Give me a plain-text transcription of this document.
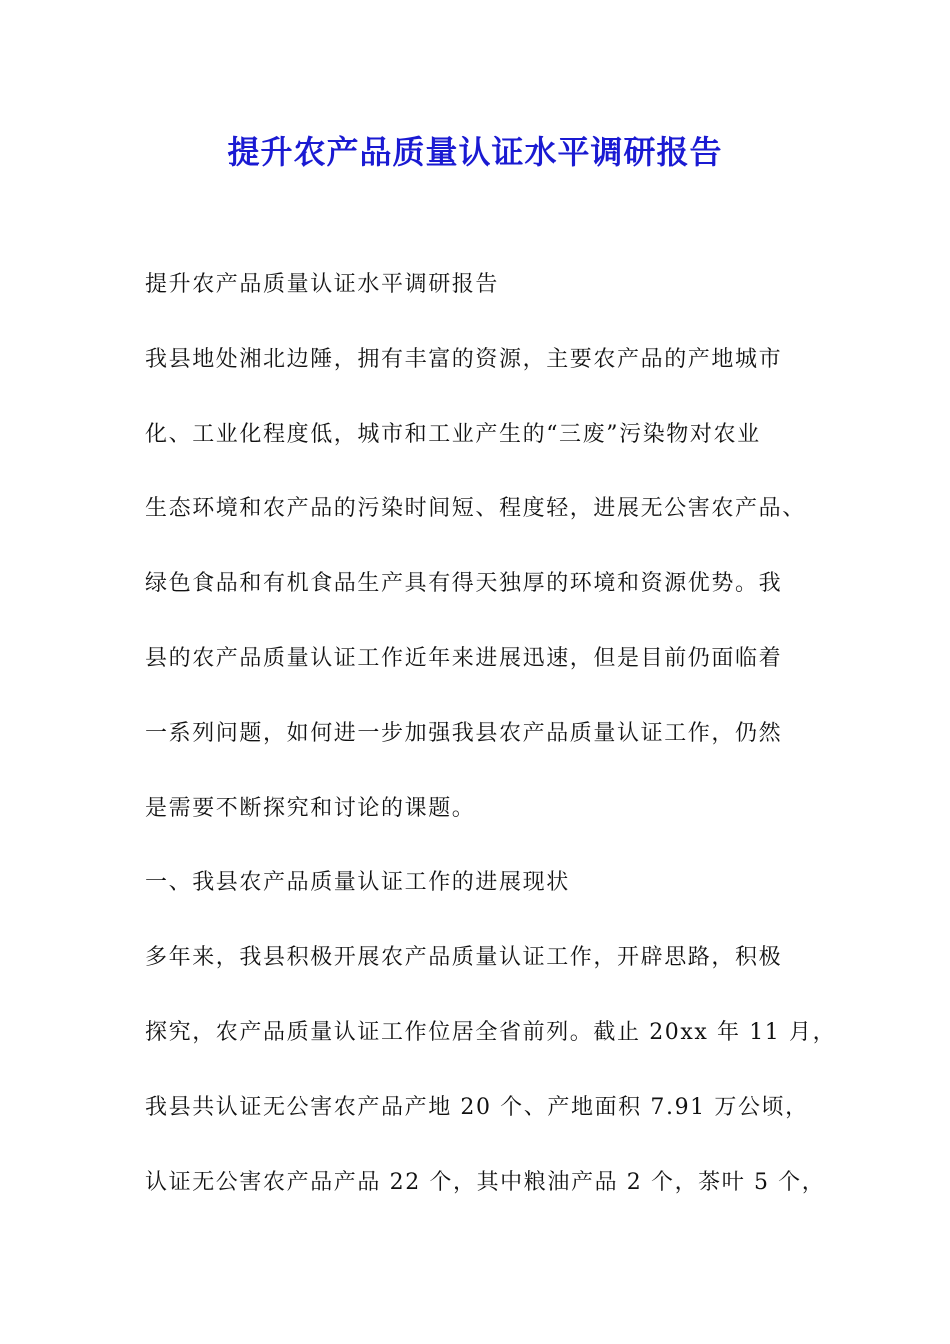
提升农产品质量认证水平调研报告
提升农产品质量认证水平调研报告
我县地处湘北边陲，拥有丰富的资源，主要农产品的产地城市
化、工业化程度低，城市和工业产生的“三废”污染物对农业
生态环境和农产品的污染时间短、程度轻，进展无公害农产品、
绿色食品和有机食品生产具有得天独厚的环境和资源优势。我
县的农产品质量认证工作近年来进展迅速，但是目前仍面临着
一系列问题，如何进一步加强我县农产品质量认证工作，仍然
是需要不断探究和讨论的课题。
一、我县农产品质量认证工作的进展现状
多年来，我县积极开展农产品质量认证工作，开辟思路，积极
探究，农产品质量认证工作位居全省前列。截止 20xx 年 11 月，
我县共认证无公害农产品产地 20 个、产地面积 7.91 万公顷，
认证无公害农产品产品 22 个，其中粮油产品 2 个，茶叶 5 个，
